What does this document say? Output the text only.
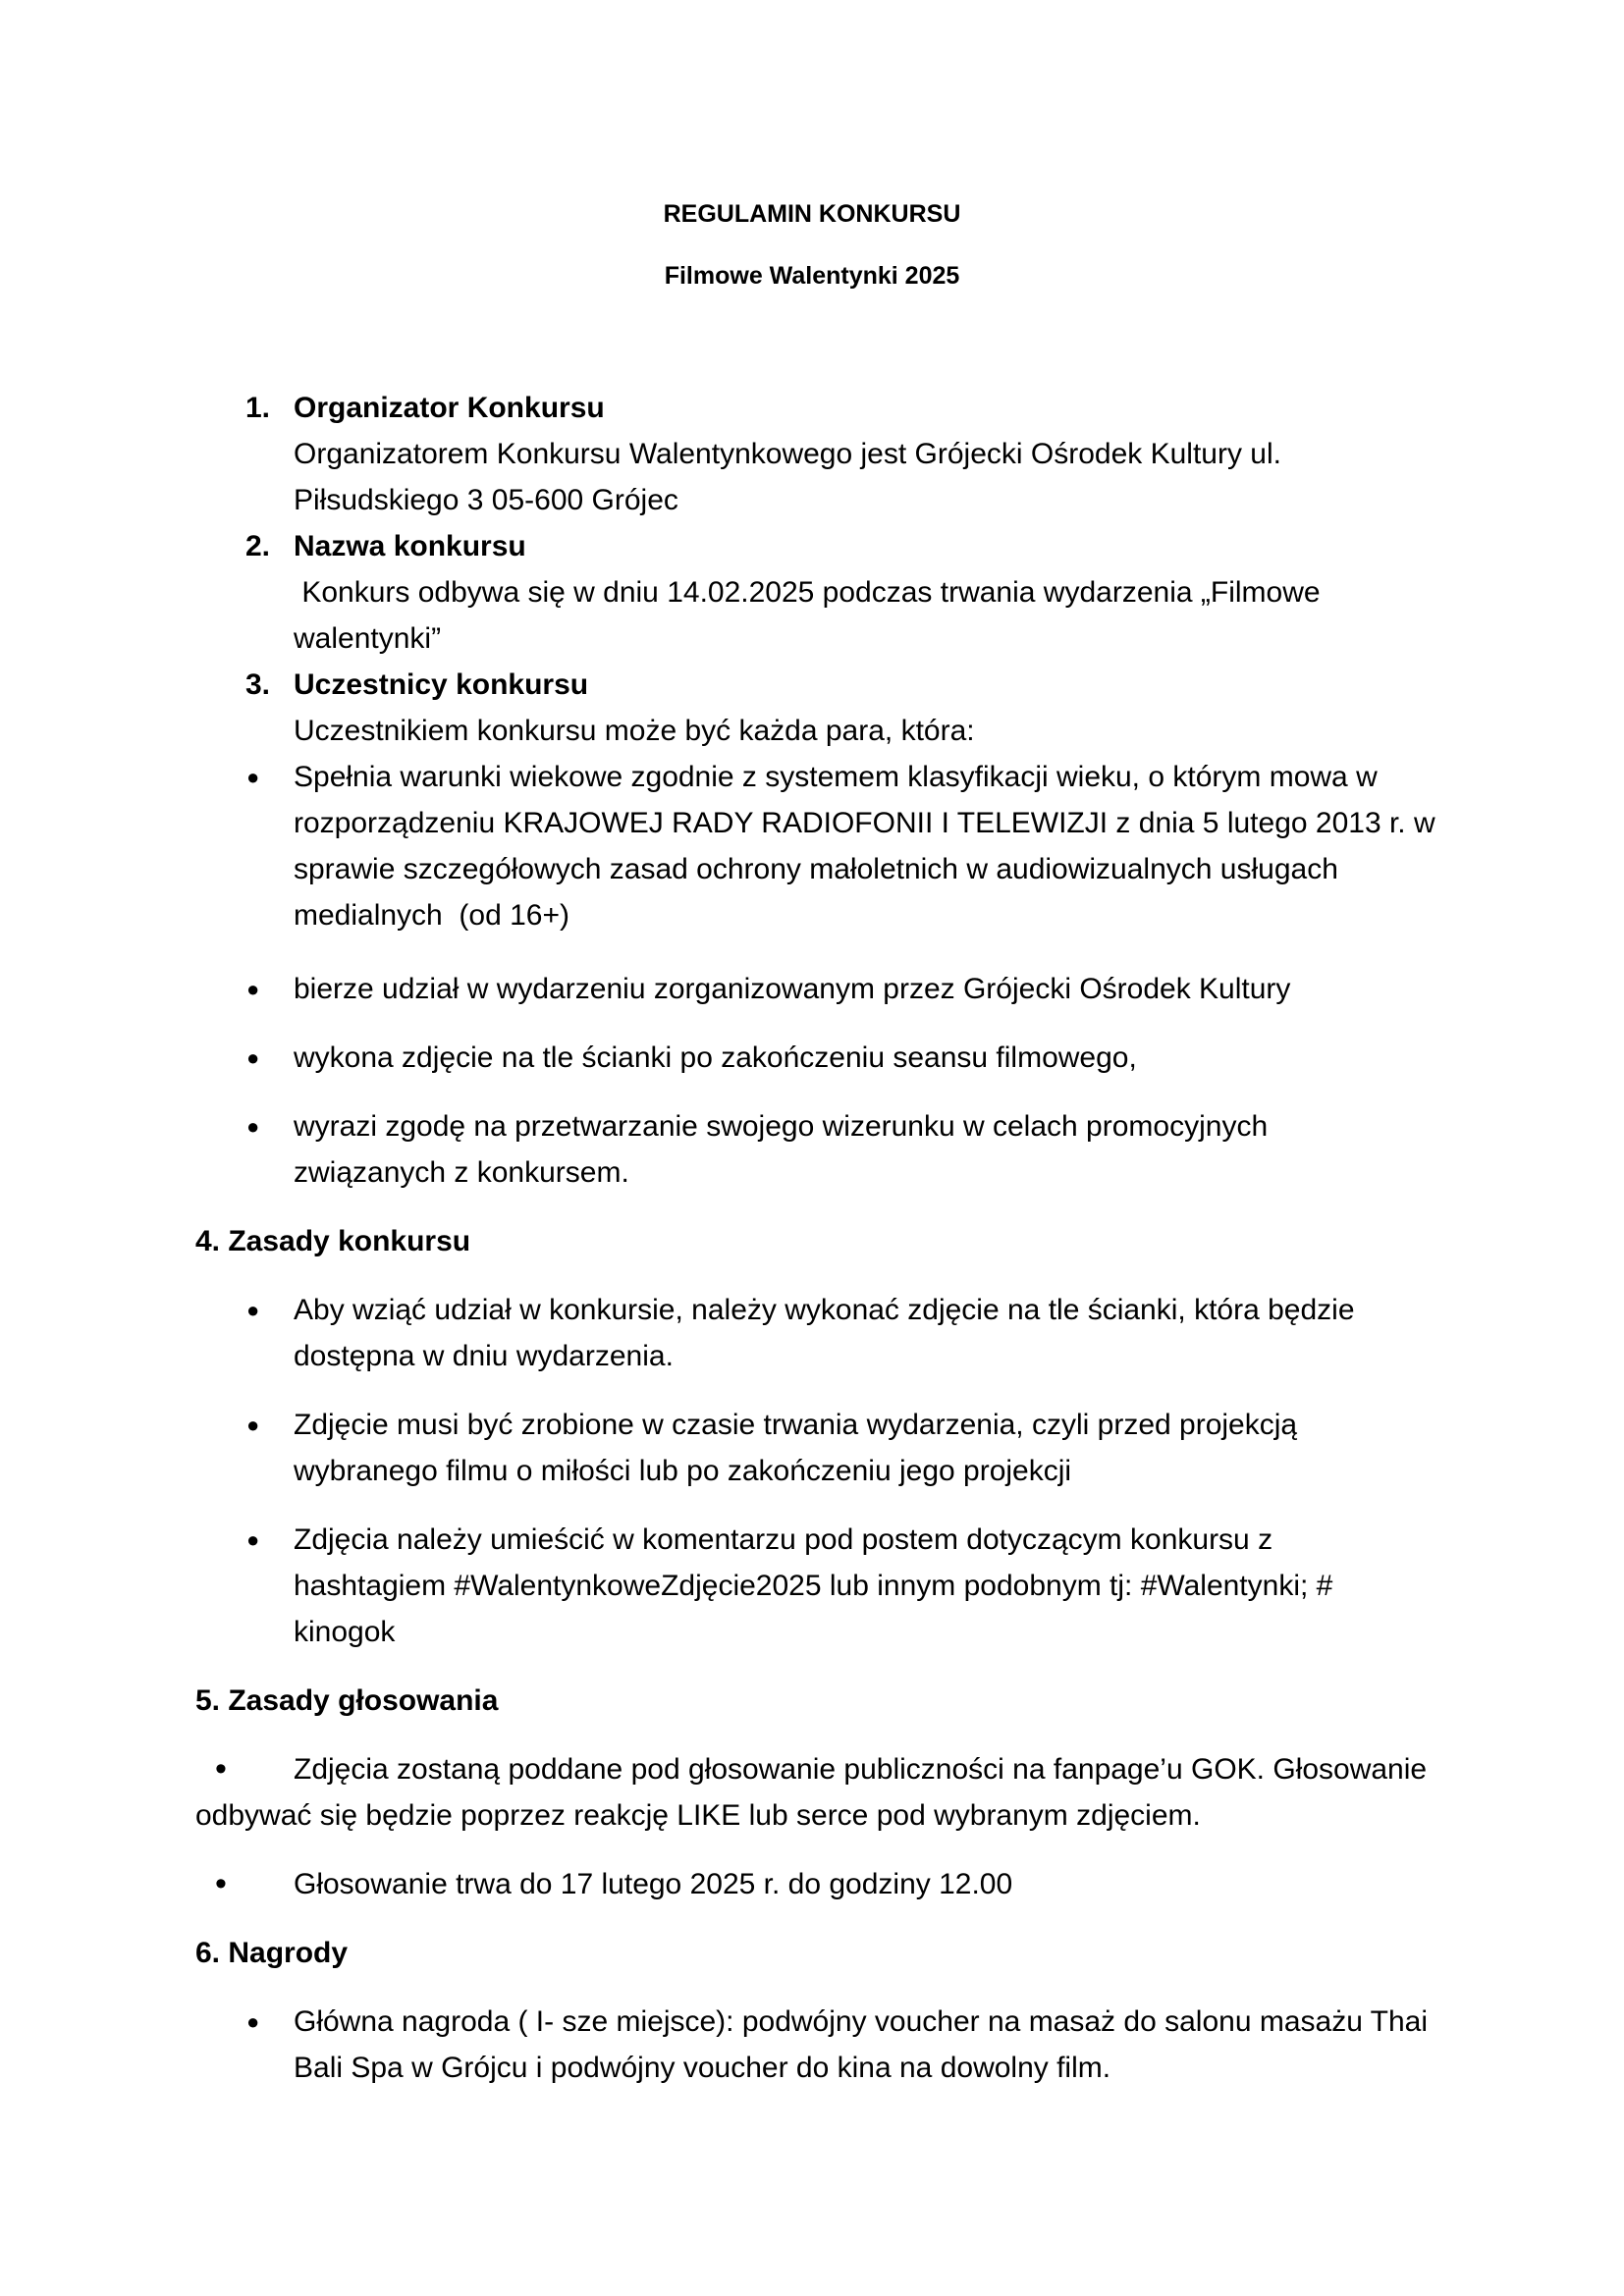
REGULAMIN KONKURSU
Filmowe Walentynki 2025
1. Organizator Konkursu
Organizatorem Konkursu Walentynkowego jest Grójecki Ośrodek Kultury ul.
Piłsudskiego 3 05-600 Grójec
2. Nazwa konkursu
Konkurs odbywa się w dniu 14.02.2025 podczas trwania wydarzenia „Filmowe
walentynki”
3. Uczestnicy konkursu
Uczestnikiem konkursu może być każda para, która:
● Spełnia warunki wiekowe zgodnie z systemem klasyfikacji wieku, o którym mowa w
rozporządzeniu KRAJOWEJ RADY RADIOFONII I TELEWIZJI z dnia 5 lutego 2013 r. w
sprawie szczegółowych zasad ochrony małoletnich w audiowizualnych usługach
medialnych  (od 16+)
● bierze udział w wydarzeniu zorganizowanym przez Grójecki Ośrodek Kultury
● wykona zdjęcie na tle ścianki po zakończeniu seansu filmowego,
● wyrazi zgodę na przetwarzanie swojego wizerunku w celach promocyjnych
związanych z konkursem.
4. Zasady konkursu
● Aby wziąć udział w konkursie, należy wykonać zdjęcie na tle ścianki, która będzie
dostępna w dniu wydarzenia.
● Zdjęcie musi być zrobione w czasie trwania wydarzenia, czyli przed projekcją
wybranego filmu o miłości lub po zakończeniu jego projekcji
● Zdjęcia należy umieścić w komentarzu pod postem dotyczącym konkursu z
hashtagiem #WalentynkoweZdjęcie2025 lub innym podobnym tj: #Walentynki; #
kinogok
5. Zasady głosowania
• Zdjęcia zostaną poddane pod głosowanie publiczności na fanpage’u GOK. Głosowanie
odbywać się będzie poprzez reakcję LIKE lub serce pod wybranym zdjęciem.
• Głosowanie trwa do 17 lutego 2025 r. do godziny 12.00
6. Nagrody
● Główna nagroda ( I- sze miejsce): podwójny voucher na masaż do salonu masażu Thai
Bali Spa w Grójcu i podwójny voucher do kina na dowolny film.
